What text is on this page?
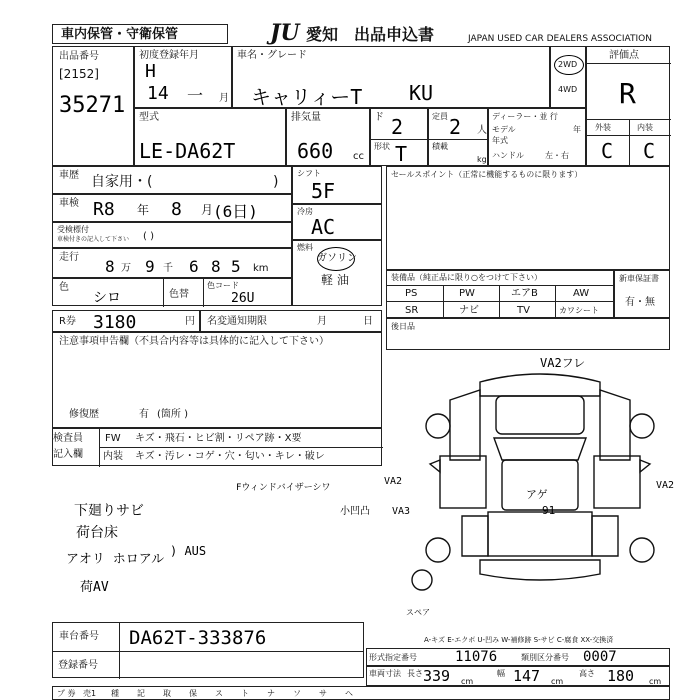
車内保管・守衛保管	JU 愛知 出品申込書	JAPAN USED CAR DEALERS ASSOCIATION
出品番号
[2152]
35271
初度登録年月
H
14 一 月
車名・グレード
キャリィーT KU
2WD
4WD
評価点
R
外装	内装
C C
型式
LE-DA62T
排気量
660 cc
ド 2
形状 T
定員 2 人
積載
kg
ディーラー・並 行
モデル	年
年式
ハンドル	左・右
車歴 自家用・(	)
車検 R8 年 8 月 (6日)
受検標付
車検付きの記入して下さい ( )
走行 8 万 9 千 6 8 5 km
色
シロ	色替
色コード
26U
シフト
5F
冷房
AC
燃料
ガソリン
軽 油
セールスポイント（正常に機能するものに限ります）
装備品（純正品に限り○をつけて下さい）
PS	PW	エアB	AW
SR	ナビ	TV	カワシート
新車保証書
有・無
R券 3180	円 名変通知期限	月	日 後日品
注意事項申告欄（不具合内容等は具体的に記入して下さい）
修復歴	有 (箇所 )
検査員
記入欄
FW キズ・飛石・ヒビ割・リペア跡・X要
内装 キズ・汚レ・コゲ・穴・匂い・キレ・破レ
Fウィンドバイザーシワ
小凹凸
下廻りサビ
荷台床
アオリ ホロアル
) AUS
荷AV
VA2
VA3
VA2
VA2フレ
アゲ
91
スペア
A-キズ E-エクボ U-凹み W-補修跡 S-サビ C-腐食 XX-交換済
車台番号 DA62T-333876
登録番号
形式指定番号	11076	類別区分番号 0007
車両寸法 長さ 339 cm
幅 147 cm
高さ 180 cm
プ 券 売1 種 記 取 保 ス ト ナ ソ サ ヘ
